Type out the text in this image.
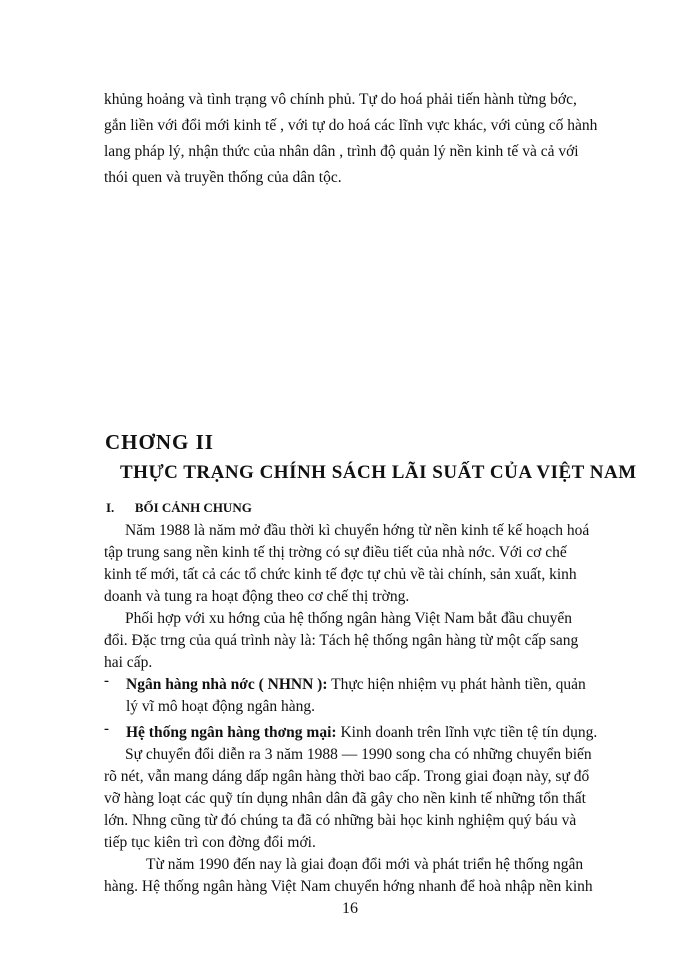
khủng hoảng và tình trạng vô chính phủ. Tự do hoá phải tiến hành từng bớc,
gắn liền với đổi mới kinh tế , với tự do hoá các lĩnh vực khác, với củng cố hành
lang pháp lý, nhận thức của nhân dân , trình độ quản lý nền kinh tế và cả với
thói quen và truyền thống của dân tộc.
CHƠNG II
THỰC TRẠNG CHÍNH SÁCH LÃI SUẤT CỦA VIỆT NAM
I. BỐI CẢNH CHUNG
Năm 1988 là năm mở đầu thời kì chuyển hớng từ nền kinh tế kế hoạch hoá
tập trung sang nền kinh tế thị trờng có sự điều tiết của nhà nớc. Với cơ chế
kinh tế mới, tất cả các tổ chức kinh tế đợc tự chủ về tài chính, sản xuất, kinh
doanh và tung ra hoạt động theo cơ chế thị trờng.
Phối hợp với xu hớng của hệ thống ngân hàng Việt Nam bắt đầu chuyển
đổi. Đặc trng của quá trình này là: Tách hệ thống ngân hàng từ một cấp sang
hai cấp.
- Ngân hàng nhà nớc ( NHNN ): Thực hiện nhiệm vụ phát hành tiền, quản
lý vĩ mô hoạt động ngân hàng.
- Hệ thống ngân hàng thơng mại: Kinh doanh trên lĩnh vực tiền tệ tín dụng.
Sự chuyển đổi diễn ra 3 năm 1988 — 1990 song cha có những chuyển biến
rõ nét, vẫn mang dáng dấp ngân hàng thời bao cấp. Trong giai đoạn này, sự đổ
vỡ hàng loạt các quỹ tín dụng nhân dân đã gây cho nền kinh tế những tổn thất
lớn. Nhng cũng từ đó chúng ta đã có những bài học kinh nghiệm quý báu và
tiếp tục kiên trì con đờng đổi mới.
Từ năm 1990 đến nay là giai đoạn đổi mới và phát triển hệ thống ngân
hàng. Hệ thống ngân hàng Việt Nam chuyển hớng nhanh để hoà nhập nền kinh
16
